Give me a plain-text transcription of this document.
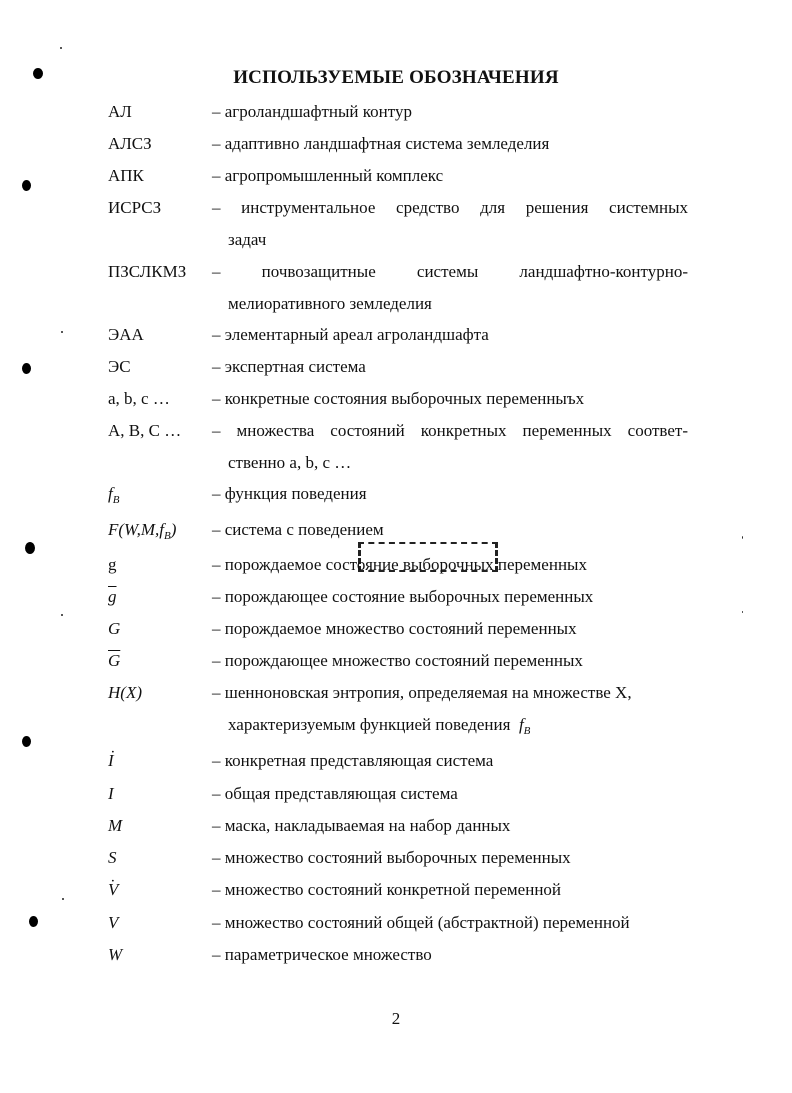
ИСПОЛЬЗУЕМЫЕ ОБОЗНАЧЕНИЯ
АЛ	– агроландшафтный контур
АЛСЗ	– адаптивно ландшафтная система земледелия
АПК	– агропромышленный комплекс
ИСРСЗ	– инструментальное средство для решения системных
задач
ПЗСЛКМЗ – почвозащитные системы ландшафтно-контурно-
мелиоративного земледелия
ЭАА	– элементарный ареал агроландшафта
ЭС	– экспертная система
a, b, c … – конкретные состояния выборочных переменныъх
A, B, C … – множества состояний конкретных переменных соответ-
ственно a, b, c …
$f_B$	– функция поведения
$F(W,M,f_B)$ – система с поведением
g	– порождаемое состояние выборочных переменных
$\overline{g}$	– порождающее состояние выборочных переменных
G	– порождаемое множество состояний переменных
$\overline{G}$	– порождающее множество состояний переменных
H(X)	– шенноновская энтропия, определяемая на множестве X,
характеризуемым функцией поведения $f_B$
˙ I	– конкретная представляющая система
I	– общая представляющая система
M	– маска, накладываемая на набор данных
S	– множество состояний выборочных переменных
˙ V	– множество состояний конкретной переменной
V	– множество состояний общей (абстрактной) переменной
W	– параметрическое множество
2
